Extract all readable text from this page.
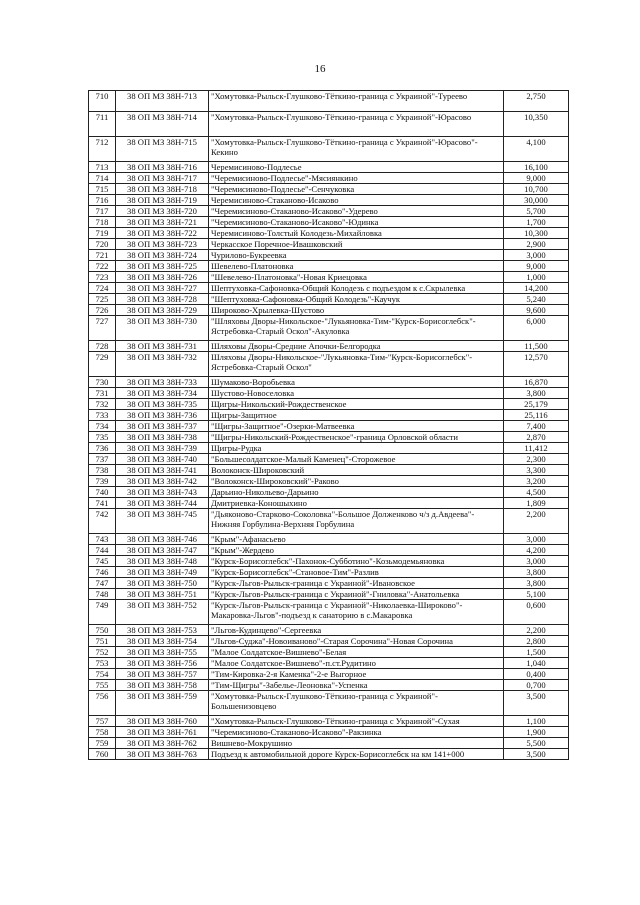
16
710	38 ОП МЗ 38Н-713	"Хомутовка-Рыльск-Глушково-Тёткино-граница с Украиной"-Туреево	2,750
711	38 ОП МЗ 38Н-714	"Хомутовка-Рыльск-Глушково-Тёткино-граница с Украиной"-Юрасово	10,350
712	38 ОП МЗ 38Н-715	"Хомутовка-Рыльск-Глушково-Тёткино-граница с Украиной"-Юрасово"-Кекино	4,100
713	38 ОП МЗ 38Н-716	Черемисиново-Подлесье	16,100
714	38 ОП МЗ 38Н-717	"Черемисиново-Подлесье"-Мясиянкино	9,000
715	38 ОП МЗ 38Н-718	"Черемисиново-Подлесье"-Сенчуковка	10,700
716	38 ОП МЗ 38Н-719	Черемисиново-Стаканово-Исаково	30,000
717	38 ОП МЗ 38Н-720	"Черемисиново-Стаканово-Исаково"-Удерево	5,700
718	38 ОП МЗ 38Н-721	"Черемисиново-Стаканово-Исаково"-Юдинка	1,700
719	38 ОП МЗ 38Н-722	Черемисиново-Толстый Колодезь-Михайловка	10,300
720	38 ОП МЗ 38Н-723	Черкасское Поречное-Ивашковский	2,900
721	38 ОП МЗ 38Н-724	Чурилово-Букреевка	3,000
722	38 ОП МЗ 38Н-725	Шевелево-Платоновка	9,000
723	38 ОП МЗ 38Н-726	"Шевелево-Платоновка"-Новая Криецовка	1,000
724	38 ОП МЗ 38Н-727	Шептуховка-Сафоновка-Общий Колодезь с подъездом к с.Скрылевка	14,200
725	38 ОП МЗ 38Н-728	"Шептуховка-Сафоновка-Общий Колодезь"-Каучук	5,240
726	38 ОП МЗ 38Н-729	Широково-Хрылевка-Шустово	9,600
727	38 ОП МЗ 38Н-730	"Шляховы Дворы-Никольское-"Лукьяновка-Тим-"Курск-Борисоглебск"-Ястребовка-Старый Оскол"-Акуловка	6,000
728	38 ОП МЗ 38Н-731	Шляховы Дворы-Средние Апочки-Белгородка	11,500
729	38 ОП МЗ 38Н-732	Шляховы Дворы-Никольское-"Лукьяновка-Тим-"Курск-Борисоглебск"-Ястребовка-Старый Оскол"	12,570
730	38 ОП МЗ 38Н-733	Шумаково-Воробьевка	16,870
731	38 ОП МЗ 38Н-734	Шустово-Новоселовка	3,800
732	38 ОП МЗ 38Н-735	Щигры-Никольский-Рождественское	25,179
733	38 ОП МЗ 38Н-736	Щигры-Защитное	25,116
734	38 ОП МЗ 38Н-737	"Щигры-Защитное"-Озерки-Матвеевка	7,400
735	38 ОП МЗ 38Н-738	"Щигры-Никольский-Рождественское"-граница Орловской области	2,870
736	38 ОП МЗ 38Н-739	Щигры-Рудка	11,412
737	38 ОП МЗ 38Н-740	"Большесолдатское-Малый Каменец"-Сторожевое	2,300
738	38 ОП МЗ 38Н-741	Волоконск-Широковский	3,300
739	38 ОП МЗ 38Н-742	"Волоконск-Широковский"-Раково	3,200
740	38 ОП МЗ 38Н-743	Дарьино-Никольево-Дарьино	4,500
741	38 ОП МЗ 38Н-744	Дмитриевка-Коношыхино	1,809
742	38 ОП МЗ 38Н-745	"Дьяконово-Старково-Соколовка"-Большое Долженково ч/з д.Авдеева"-Нижняя Горбулина-Верхняя Горбулина	2,200
743	38 ОП МЗ 38Н-746	"Крым"-Афанасьево	3,000
744	38 ОП МЗ 38Н-747	"Крым"-Жердево	4,200
745	38 ОП МЗ 38Н-748	"Курск-Борисоглебск"-Пахонок-Субботино"-Козьмодемьяновка	3,000
746	38 ОП МЗ 38Н-749	"Курск-Борисоглебск"-Становое-Тим"-Разлив	3,800
747	38 ОП МЗ 38Н-750	"Курск-Льгов-Рыльск-граница с Украиной"-Ивановское	3,800
748	38 ОП МЗ 38Н-751	"Курск-Льгов-Рыльск-граница с Украиной"-Гниловка"-Анатольевка	5,100
749	38 ОП МЗ 38Н-752	"Курск-Льгов-Рыльск-граница с Украиной"-Николаевка-Широково"-Макаровка-Льгов"-подъезд к санаторию в с.Макаровка	0,600
750	38 ОП МЗ 38Н-753	"Льгов-Кудинцево"-Сергеевка	2,200
751	38 ОП МЗ 38Н-754	"Льгов-Суджа"-Новоиваново"-Старая Сорочина"-Новая Сорочина	2,800
752	38 ОП МЗ 38Н-755	"Малое Солдатское-Вишнево"-Белая	1,500
753	38 ОП МЗ 38Н-756	"Малое Солдатское-Вишнево"-п.ст.Рудитино	1,040
754	38 ОП МЗ 38Н-757	"Тим-Кировка-2-я Каменка"-2-е Выгорное	0,400
755	38 ОП МЗ 38Н-758	"Тим-Щигры"-Забелье-Леоновка"-Успенка	0,700
756	38 ОП МЗ 38Н-759	"Хомутовка-Рыльск-Глушково-Тёткино-граница с Украиной"-Большенизовцево	3,500
757	38 ОП МЗ 38Н-760	"Хомутовка-Рыльск-Глушково-Тёткино-граница с Украиной"-Сухая	1,100
758	38 ОП МЗ 38Н-761	"Черемисиново-Стаканово-Исаково"-Ракзинка	1,900
759	38 ОП МЗ 38Н-762	Вишнево-Мокрушино	5,500
760	38 ОП МЗ 38Н-763	Подъезд к автомобильной дороге Курск-Борисоглебск на км 141+000	3,500
